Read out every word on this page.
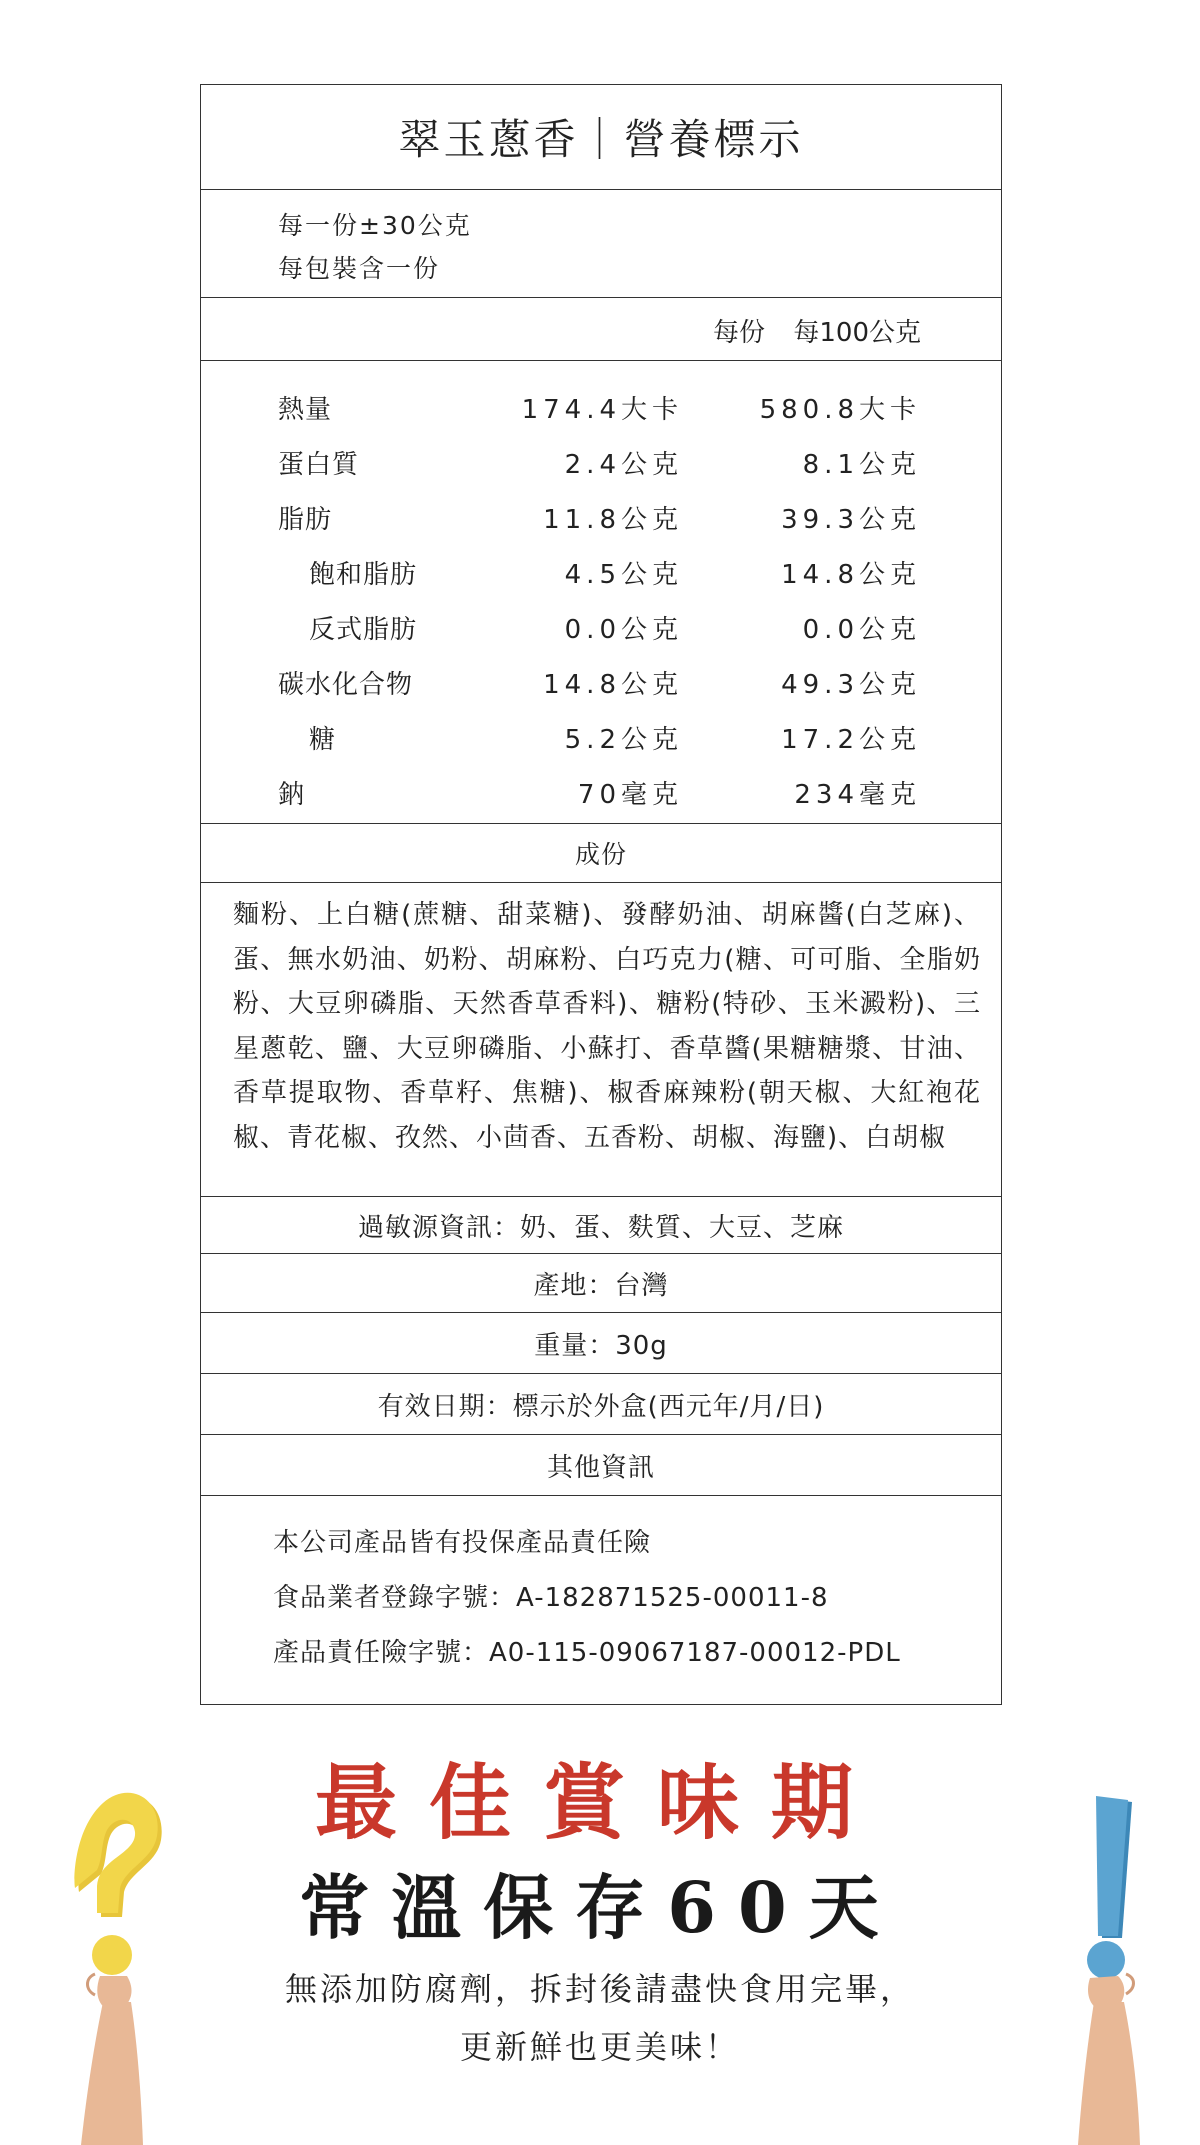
翠玉蔥香｜營養標示
每一份±30公克
每包裝含一份
每份 每100公克
熱量	174.4大卡	580.8大卡
蛋白質	2.4公克	8.1公克
脂肪	11.8公克	39.3公克
飽和脂肪	4.5公克	14.8公克
反式脂肪	0.0公克	0.0公克
碳水化合物	14.8公克	49.3公克
糖	5.2公克	17.2公克
鈉	70毫克	234毫克
成份
麵粉、上白糖(蔗糖、甜菜糖)、發酵奶油、胡麻醬(白芝麻)、蛋、無水奶油、奶粉、胡麻粉、白巧克力(糖、可可脂、全脂奶粉、大豆卵磷脂、天然香草香料)、糖粉(特砂、玉米澱粉)、三星蔥乾、鹽、大豆卵磷脂、小蘇打、香草醬(果糖糖漿、甘油、香草提取物、香草籽、焦糖)、椒香麻辣粉(朝天椒、大紅袍花椒、青花椒、孜然、小茴香、五香粉、胡椒、海鹽)、白胡椒
過敏源資訊：奶、蛋、麩質、大豆、芝麻
產地：台灣
重量：30g
有效日期：標示於外盒(西元年/月/日)
其他資訊
本公司產品皆有投保產品責任險
食品業者登錄字號：A-182871525-00011-8
產品責任險字號：A0-115-09067187-00012-PDL
最佳賞味期
常溫保存60天
無添加防腐劑，拆封後請盡快食用完畢，
更新鮮也更美味！
